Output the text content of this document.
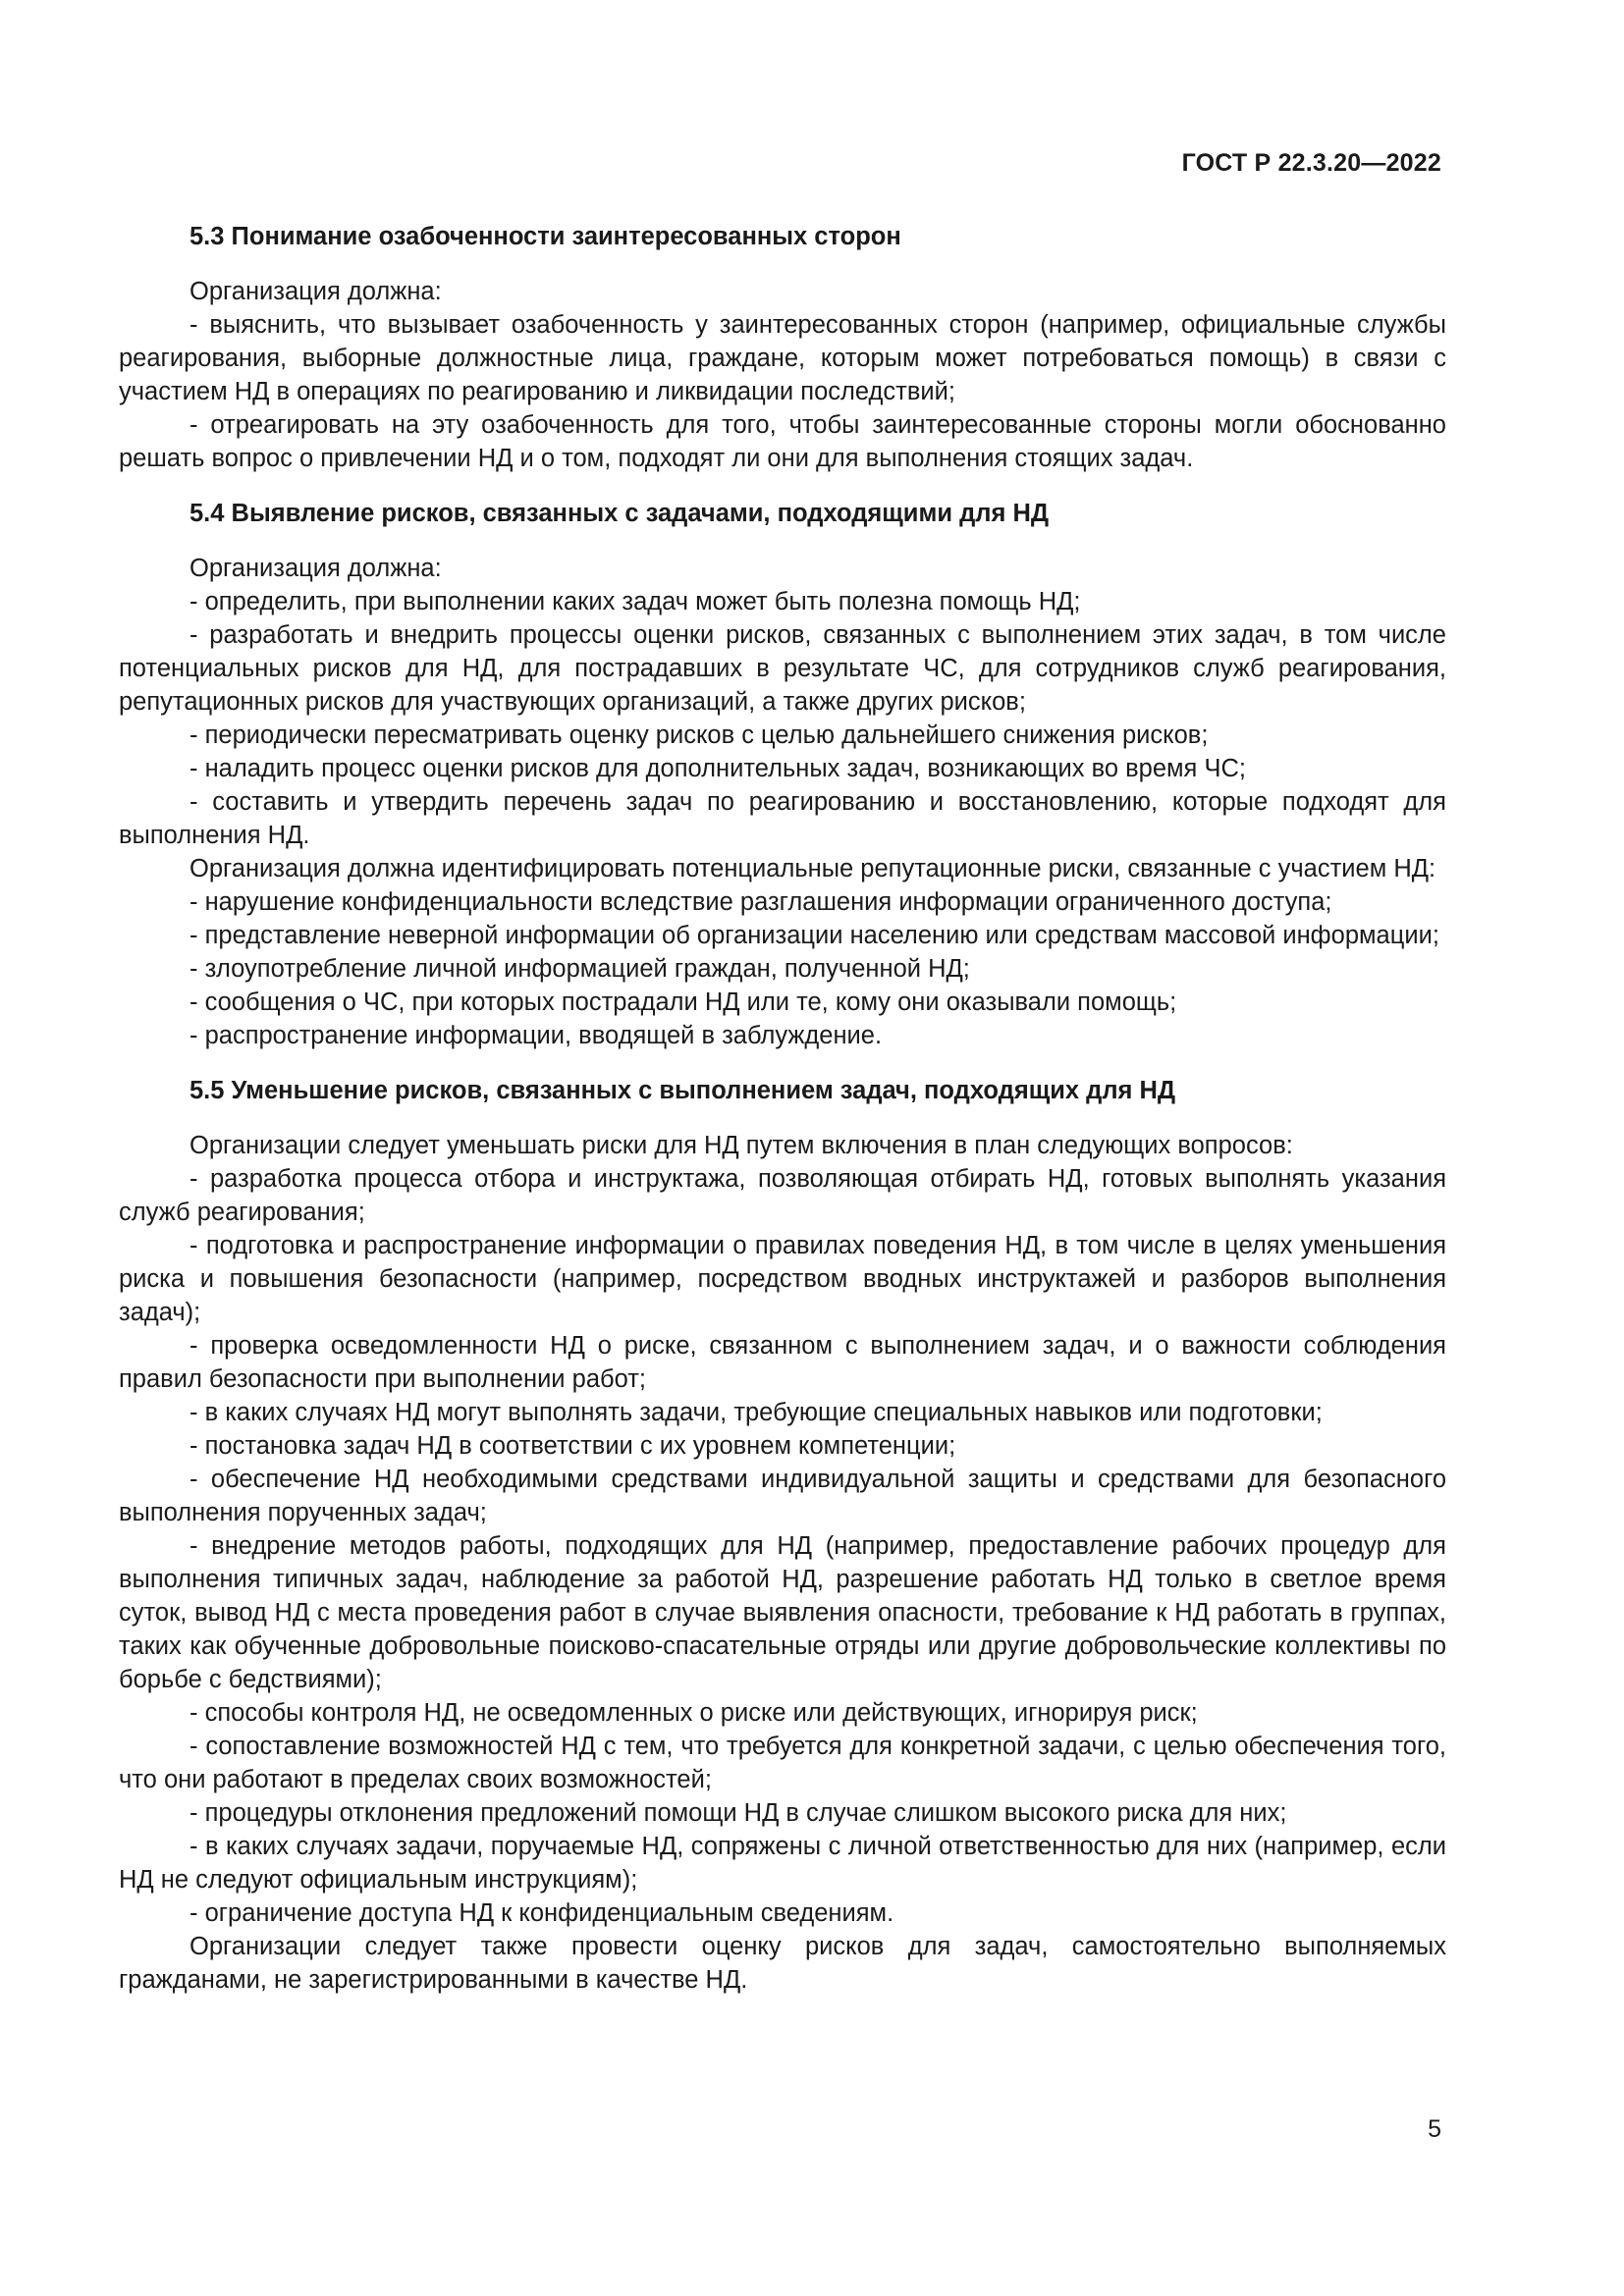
ГОСТ Р 22.3.20—2022
5.3 Понимание озабоченности заинтересованных сторон

Организация должна:

- выяснить, что вызывает озабоченность у заинтересованных сторон (например, официальные службы реагирования, выборные должностные лица, граждане, которым может потребоваться помощь) в связи с участием НД в операциях по реагированию и ликвидации последствий;

- отреагировать на эту озабоченность для того, чтобы заинтересованные стороны могли обоснованно решать вопрос о привлечении НД и о том, подходят ли они для выполнения стоящих задач.

5.4 Выявление рисков, связанных с задачами, подходящими для НД

Организация должна:

- определить, при выполнении каких задач может быть полезна помощь НД;

- разработать и внедрить процессы оценки рисков, связанных с выполнением этих задач, в том числе потенциальных рисков для НД, для пострадавших в результате ЧС, для сотрудников служб реагирования, репутационных рисков для участвующих организаций, а также других рисков;

- периодически пересматривать оценку рисков с целью дальнейшего снижения рисков;

- наладить процесс оценки рисков для дополнительных задач, возникающих во время ЧС;

- составить и утвердить перечень задач по реагированию и восстановлению, которые подходят для выполнения НД.

Организация должна идентифицировать потенциальные репутационные риски, связанные с участием НД:

- нарушение конфиденциальности вследствие разглашения информации ограниченного доступа;

- представление неверной информации об организации населению или средствам массовой информации;

- злоупотребление личной информацией граждан, полученной НД;

- сообщения о ЧС, при которых пострадали НД или те, кому они оказывали помощь;

- распространение информации, вводящей в заблуждение.

5.5 Уменьшение рисков, связанных с выполнением задач, подходящих для НД

Организации следует уменьшать риски для НД путем включения в план следующих вопросов:

- разработка процесса отбора и инструктажа, позволяющая отбирать НД, готовых выполнять указания служб реагирования;

- подготовка и распространение информации о правилах поведения НД, в том числе в целях уменьшения риска и повышения безопасности (например, посредством вводных инструктажей и разборов выполнения задач);

- проверка осведомленности НД о риске, связанном с выполнением задач, и о важности соблюдения правил безопасности при выполнении работ;

- в каких случаях НД могут выполнять задачи, требующие специальных навыков или подготовки;

- постановка задач НД в соответствии с их уровнем компетенции;

- обеспечение НД необходимыми средствами индивидуальной защиты и средствами для безопасного выполнения порученных задач;

- внедрение методов работы, подходящих для НД (например, предоставление рабочих процедур для выполнения типичных задач, наблюдение за работой НД, разрешение работать НД только в светлое время суток, вывод НД с места проведения работ в случае выявления опасности, требование к НД работать в группах, таких как обученные добровольные поисково-спасательные отряды или другие добровольческие коллективы по борьбе с бедствиями);

- способы контроля НД, не осведомленных о риске или действующих, игнорируя риск;

- сопоставление возможностей НД с тем, что требуется для конкретной задачи, с целью обеспечения того, что они работают в пределах своих возможностей;

- процедуры отклонения предложений помощи НД в случае слишком высокого риска для них;

- в каких случаях задачи, поручаемые НД, сопряжены с личной ответственностью для них (например, если НД не следуют официальным инструкциям);

- ограничение доступа НД к конфиденциальным сведениям.

Организации следует также провести оценку рисков для задач, самостоятельно выполняемых гражданами, не зарегистрированными в качестве НД.

5
